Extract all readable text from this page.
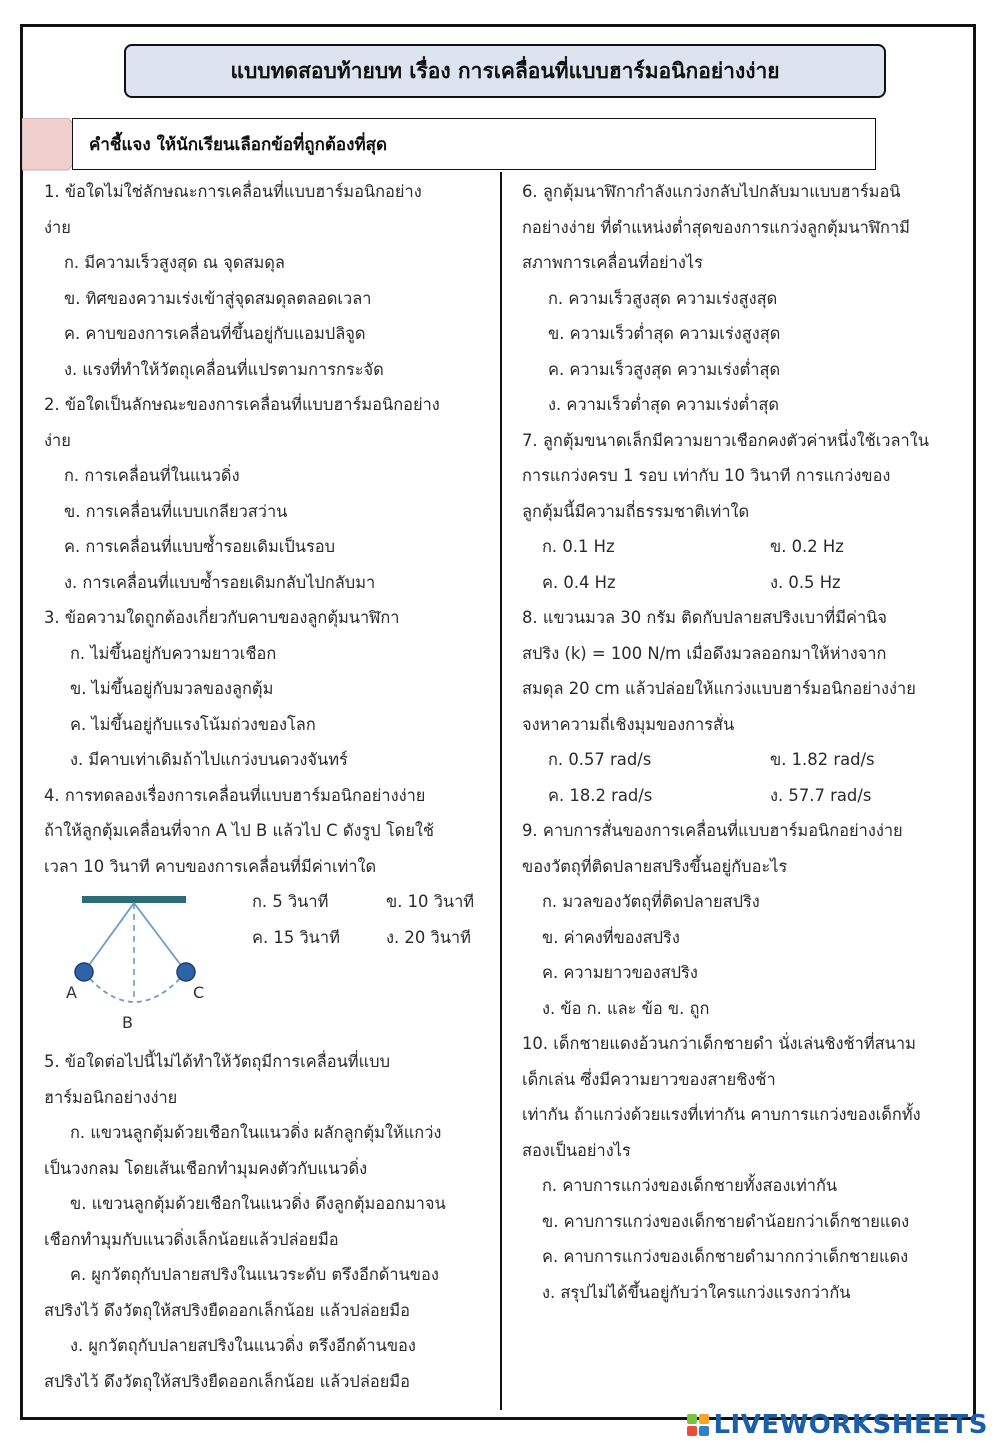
แบบทดสอบท้ายบท เรื่อง การเคลื่อนที่แบบฮาร์มอนิกอย่างง่าย
คำชี้แจง ให้นักเรียนเลือกข้อที่ถูกต้องที่สุด
1. ข้อใดไม่ใช่ลักษณะการเคลื่อนที่แบบฮาร์มอนิกอย่าง
ง่าย
ก. มีความเร็วสูงสุด ณ จุดสมดุล
ข. ทิศของความเร่งเข้าสู่จุดสมดุลตลอดเวลา
ค. คาบของการเคลื่อนที่ขึ้นอยู่กับแอมปลิจูด
ง. แรงที่ทำให้วัตถุเคลื่อนที่แปรตามการกระจัด
2. ข้อใดเป็นลักษณะของการเคลื่อนที่แบบฮาร์มอนิกอย่าง
ง่าย
ก. การเคลื่อนที่ในแนวดิ่ง
ข. การเคลื่อนที่แบบเกลียวสว่าน
ค. การเคลื่อนที่แบบซ้ำรอยเดิมเป็นรอบ
ง. การเคลื่อนที่แบบซ้ำรอยเดิมกลับไปกลับมา
3. ข้อความใดถูกต้องเกี่ยวกับคาบของลูกตุ้มนาฬิกา
ก. ไม่ขึ้นอยู่กับความยาวเชือก
ข. ไม่ขึ้นอยู่กับมวลของลูกตุ้ม
ค. ไม่ขึ้นอยู่กับแรงโน้มถ่วงของโลก
ง. มีคาบเท่าเดิมถ้าไปแกว่งบนดวงจันทร์
4. การทดลองเรื่องการเคลื่อนที่แบบฮาร์มอนิกอย่างง่าย
ถ้าให้ลูกตุ้มเคลื่อนที่จาก A ไป B แล้วไป C ดังรูป โดยใช้
เวลา 10 วินาที คาบของการเคลื่อนที่มีค่าเท่าใด
A	C
B
ก. 5 วินาที	ข. 10 วินาที
ค. 15 วินาที	ง. 20 วินาที
5. ข้อใดต่อไปนี้ไม่ได้ทำให้วัตถุมีการเคลื่อนที่แบบ
ฮาร์มอนิกอย่างง่าย
ก. แขวนลูกตุ้มด้วยเชือกในแนวดิ่ง ผลักลูกตุ้มให้แกว่ง
เป็นวงกลม โดยเส้นเชือกทำมุมคงตัวกับแนวดิ่ง
ข. แขวนลูกตุ้มด้วยเชือกในแนวดิ่ง ดึงลูกตุ้มออกมาจน
เชือกทำมุมกับแนวดิ่งเล็กน้อยแล้วปล่อยมือ
ค. ผูกวัตถุกับปลายสปริงในแนวระดับ ตรึงอีกด้านของ
สปริงไว้ ดึงวัตถุให้สปริงยืดออกเล็กน้อย แล้วปล่อยมือ
ง. ผูกวัตถุกับปลายสปริงในแนวดิ่ง ตรึงอีกด้านของ
สปริงไว้ ดึงวัตถุให้สปริงยืดออกเล็กน้อย แล้วปล่อยมือ
6. ลูกตุ้มนาฬิกากำลังแกว่งกลับไปกลับมาแบบฮาร์มอนิ
กอย่างง่าย ที่ตำแหน่งต่ำสุดของการแกว่งลูกตุ้มนาฬิกามี
สภาพการเคลื่อนที่อย่างไร
ก. ความเร็วสูงสุด ความเร่งสูงสุด
ข. ความเร็วต่ำสุด ความเร่งสูงสุด
ค. ความเร็วสูงสุด ความเร่งต่ำสุด
ง. ความเร็วต่ำสุด ความเร่งต่ำสุด
7. ลูกตุ้มขนาดเล็กมีความยาวเชือกคงตัวค่าหนึ่งใช้เวลาใน
การแกว่งครบ 1 รอบ เท่ากับ 10 วินาที การแกว่งของ
ลูกตุ้มนี้มีความถี่ธรรมชาติเท่าใด
ก. 0.1 Hz	ข. 0.2 Hz
ค. 0.4 Hz	ง. 0.5 Hz
8. แขวนมวล 30 กรัม ติดกับปลายสปริงเบาที่มีค่านิจ
สปริง (k) = 100 N/m เมื่อดึงมวลออกมาให้ห่างจาก
สมดุล 20 cm แล้วปล่อยให้แกว่งแบบฮาร์มอนิกอย่างง่าย
จงหาความถี่เชิงมุมของการสั่น
ก. 0.57 rad/s	ข. 1.82 rad/s
ค. 18.2 rad/s	ง. 57.7 rad/s
9. คาบการสั่นของการเคลื่อนที่แบบฮาร์มอนิกอย่างง่าย
ของวัตถุที่ติดปลายสปริงขึ้นอยู่กับอะไร
ก. มวลของวัตถุที่ติดปลายสปริง
ข. ค่าคงที่ของสปริง
ค. ความยาวของสปริง
ง. ข้อ ก. และ ข้อ ข. ถูก
10. เด็กชายแดงอ้วนกว่าเด็กชายดำ นั่งเล่นชิงช้าที่สนาม
เด็กเล่น ซึ่งมีความยาวของสายชิงช้า
เท่ากัน ถ้าแกว่งด้วยแรงที่เท่ากัน คาบการแกว่งของเด็กทั้ง
สองเป็นอย่างไร
ก. คาบการแกว่งของเด็กชายทั้งสองเท่ากัน
ข. คาบการแกว่งของเด็กชายดำน้อยกว่าเด็กชายแดง
ค. คาบการแกว่งของเด็กชายดำมากกว่าเด็กชายแดง
ง. สรุปไม่ได้ขึ้นอยู่กับว่าใครแกว่งแรงกว่ากัน
LIVEWORKSHEETS
